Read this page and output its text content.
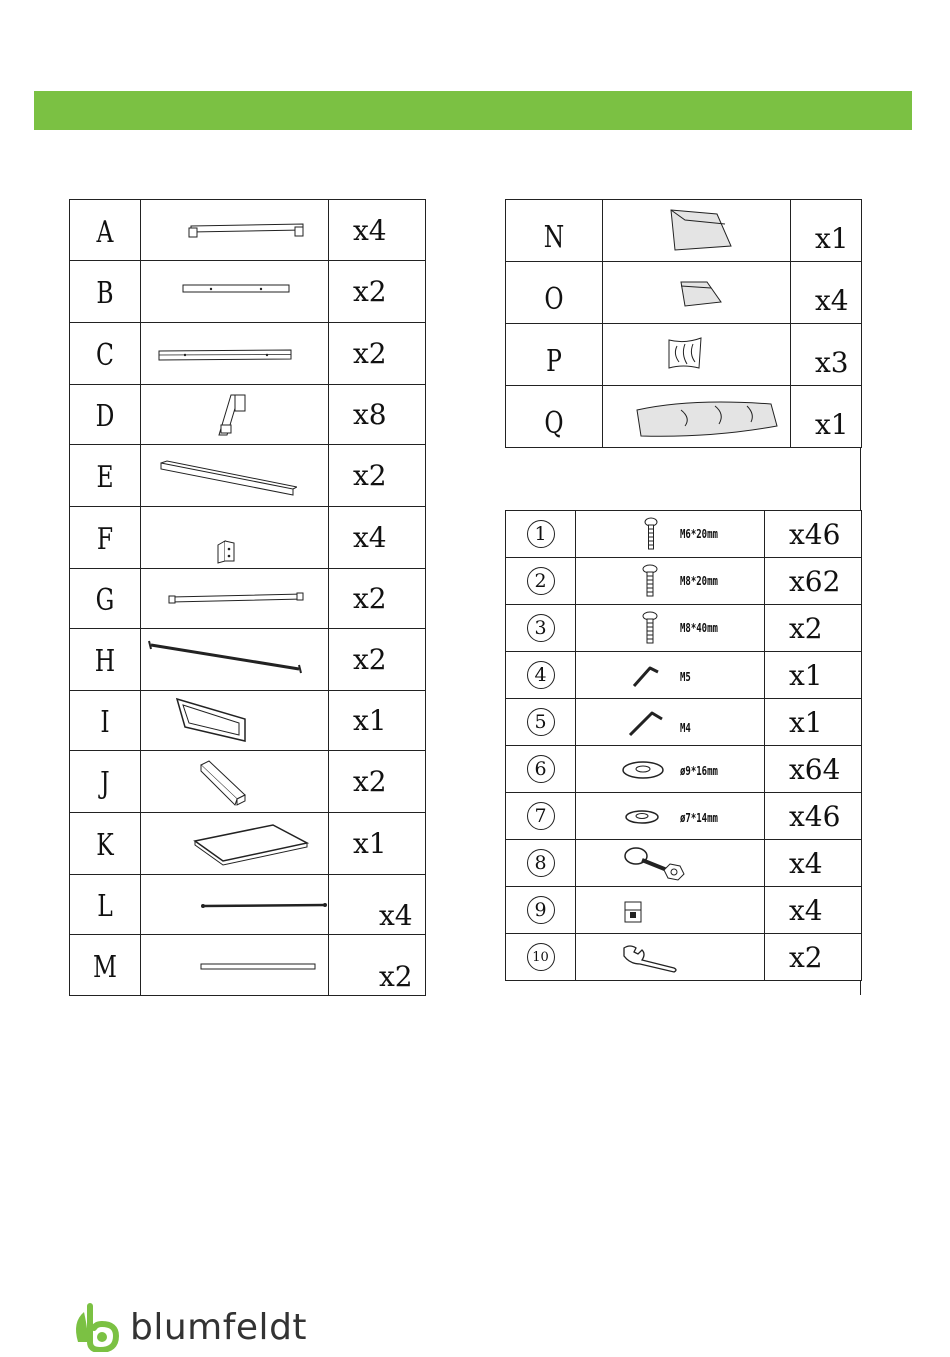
A		x4

B		x2

C		x2

D		x8

E		x2

F		x4

G		x2

H		x2

I		x1

J		x2

K		x1

L		x4

M		x2
N		x1

O		x4

P		x3

Q		x1
1	M6*20mm	x46

2	M8*20mm	x62

3	M8*40mm	x2

4	M5	x1

5	M4	x1

6	ø9*16mm	x64

7	ø7*14mm	x46

8		x4

9		x4

10		x2
blumfeldt
